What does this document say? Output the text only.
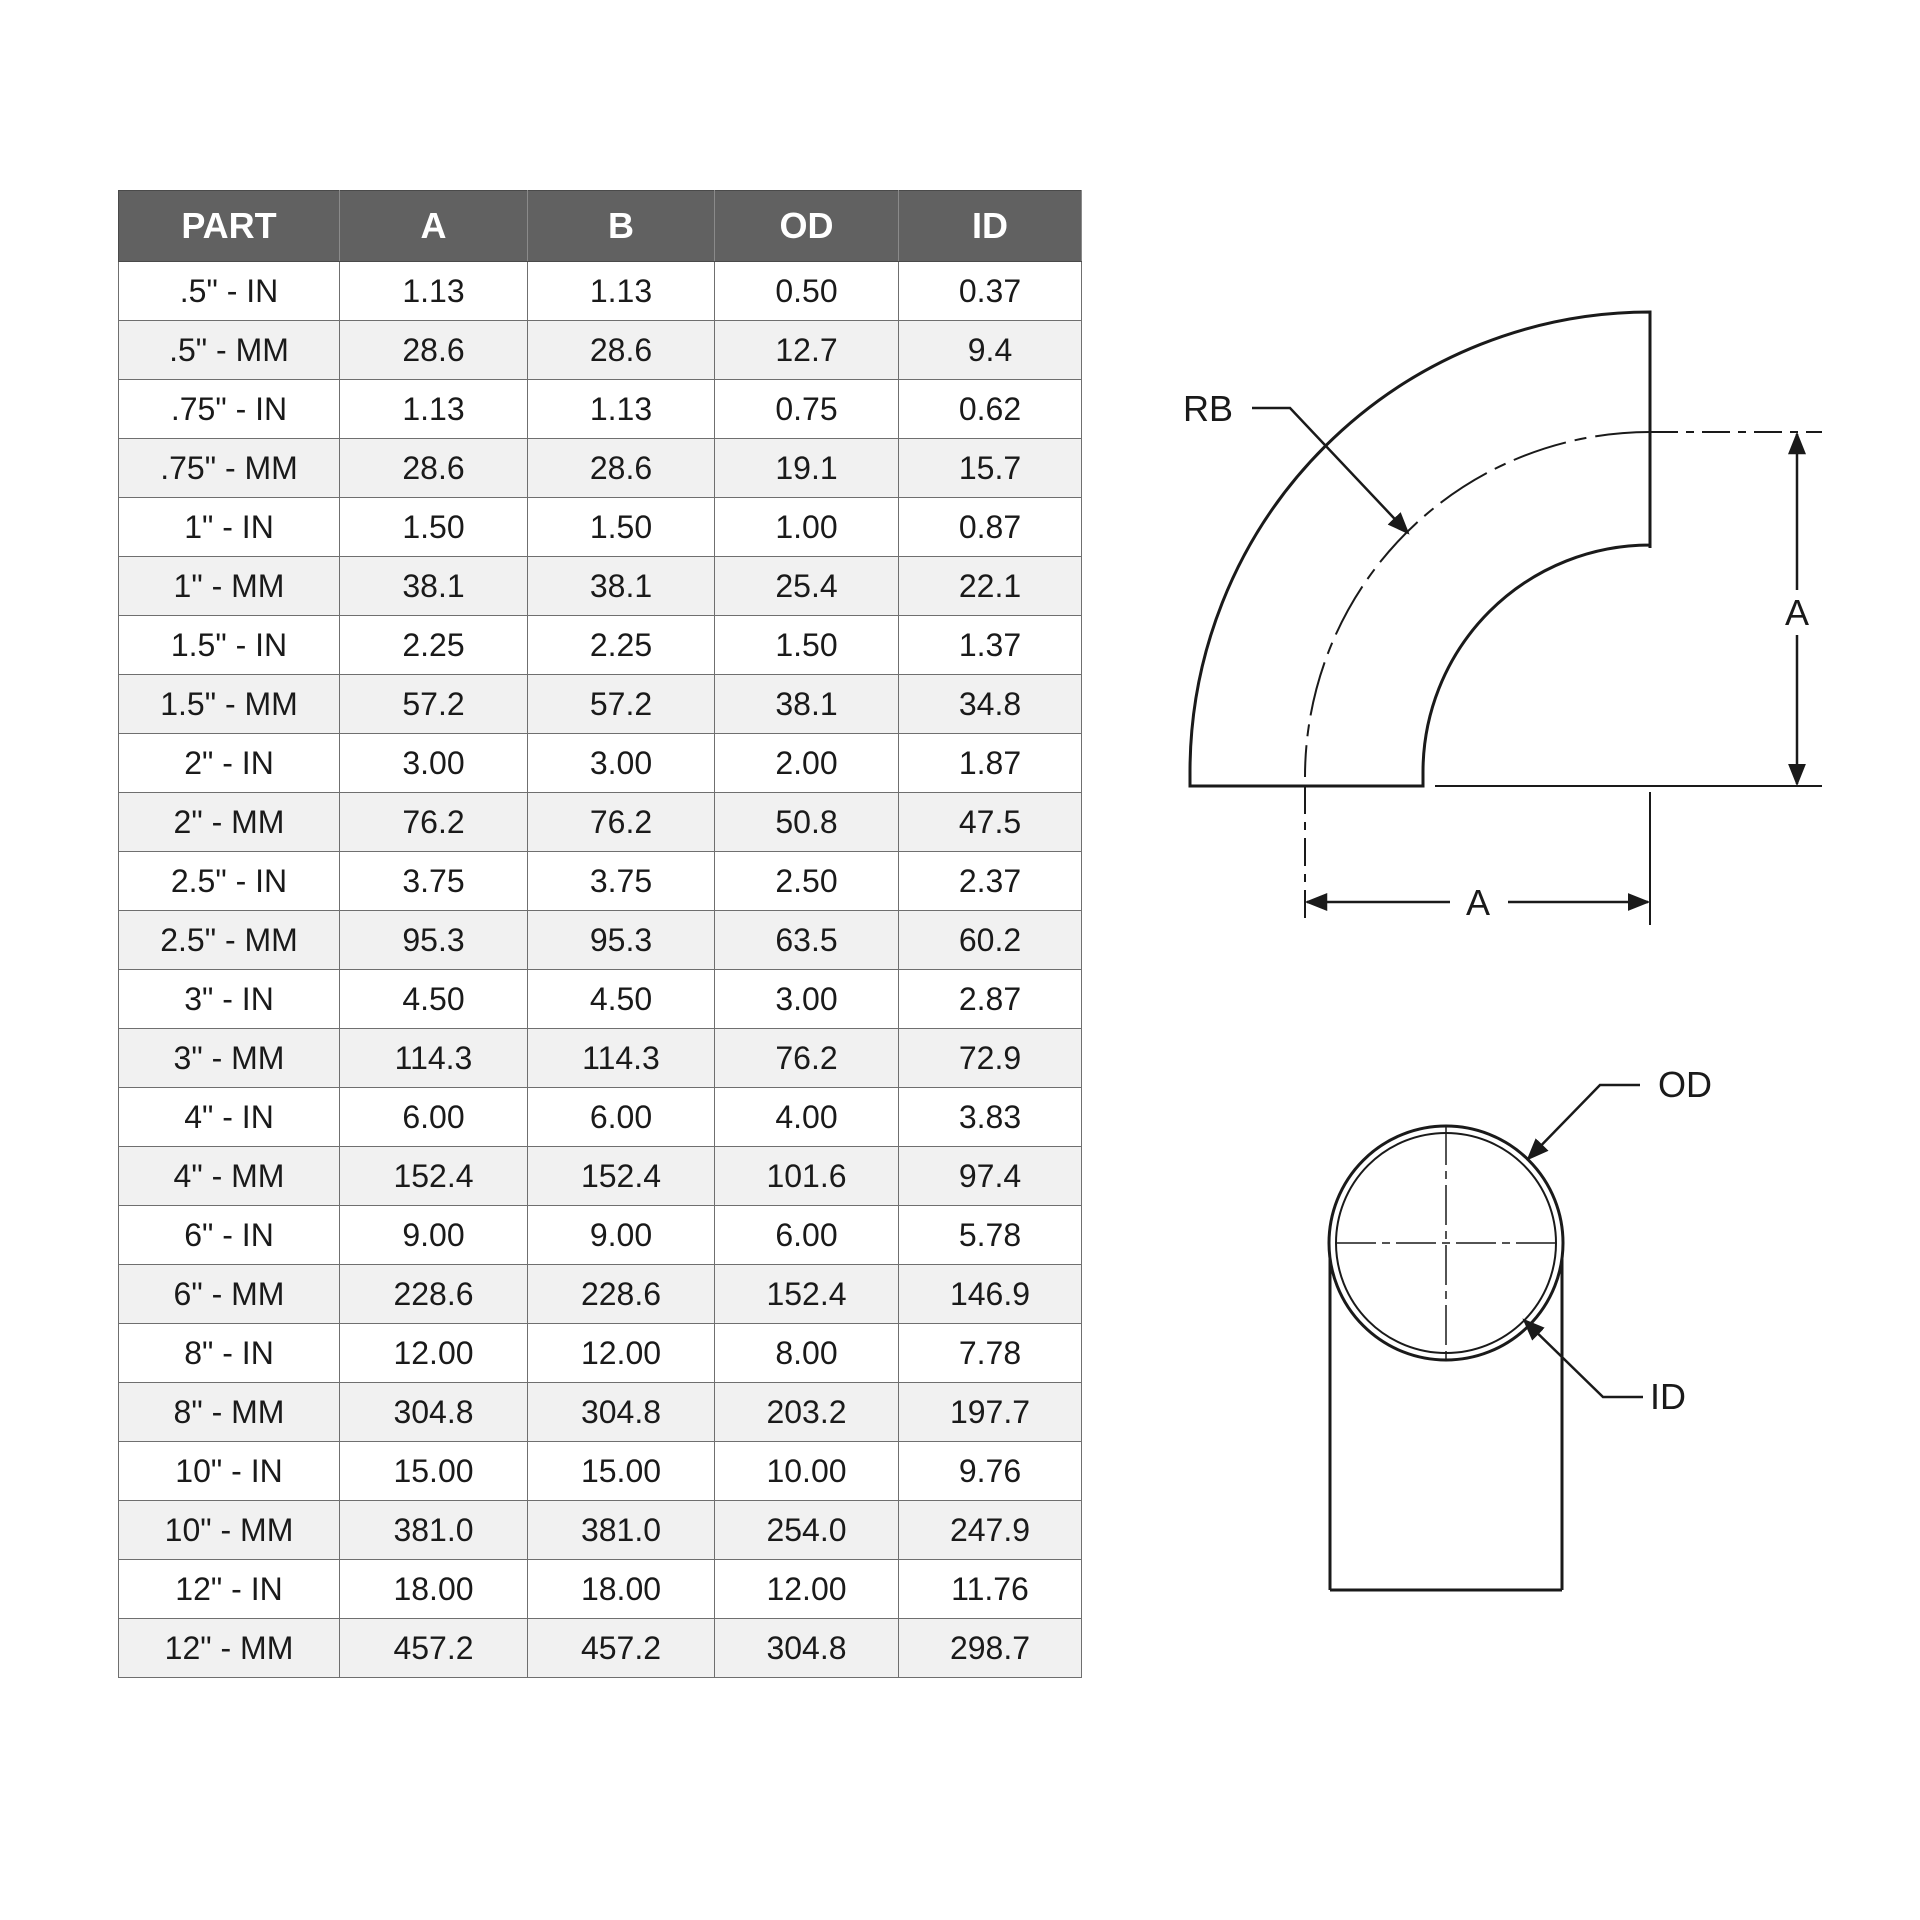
PART	A	B	OD	ID
.5" - IN	1.13	1.13	0.50	0.37
.5" - MM	28.6	28.6	12.7	9.4
.75" - IN	1.13	1.13	0.75	0.62
.75" - MM	28.6	28.6	19.1	15.7
1" - IN	1.50	1.50	1.00	0.87
1" - MM	38.1	38.1	25.4	22.1
1.5" - IN	2.25	2.25	1.50	1.37
1.5" - MM	57.2	57.2	38.1	34.8
2" - IN	3.00	3.00	2.00	1.87
2" - MM	76.2	76.2	50.8	47.5
2.5" - IN	3.75	3.75	2.50	2.37
2.5" - MM	95.3	95.3	63.5	60.2
3" - IN	4.50	4.50	3.00	2.87
3" - MM	114.3	114.3	76.2	72.9
4" - IN	6.00	6.00	4.00	3.83
4" - MM	152.4	152.4	101.6	97.4
6" - IN	9.00	9.00	6.00	5.78
6" - MM	228.6	228.6	152.4	146.9
8" - IN	12.00	12.00	8.00	7.78
8" - MM	304.8	304.8	203.2	197.7
10" - IN	15.00	15.00	10.00	9.76
10" - MM	381.0	381.0	254.0	247.9
12" - IN	18.00	18.00	12.00	11.76
12" - MM	457.2	457.2	304.8	298.7
RB
A
A
OD
ID
